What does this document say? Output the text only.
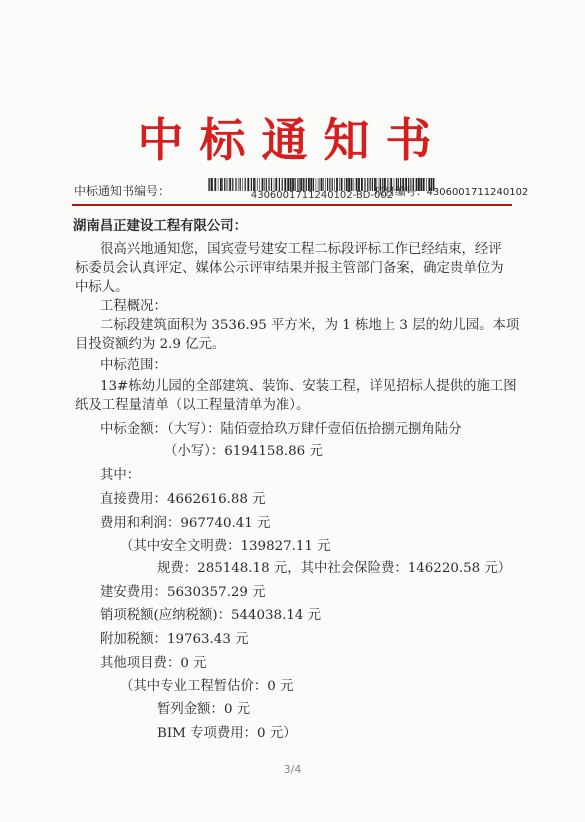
中标通知书
中标通知书编号：	4306001711240102-BD-002
项目编号：4306001711240102
湖南昌正建设工程有限公司：
很高兴地通知您，国宾壹号建安工程二标段评标工作已经结束，经评
标委员会认真评定、媒体公示评审结果并报主管部门备案，确定贵单位为
中标人。
工程概况：
二标段建筑面积为 3536.95 平方米，为 1 栋地上 3 层的幼儿园。本项
目投资额约为 2.9 亿元。
中标范围：
13#栋幼儿园的全部建筑、装饰、安装工程，详见招标人提供的施工图
纸及工程量清单（以工程量清单为准）。
中标金额：（大写）：陆佰壹拾玖万肆仟壹佰伍拾捌元捌角陆分
（小写）：6194158.86 元
其中：
直接费用：4662616.88 元
费用和利润：967740.41 元
（其中安全文明费：139827.11 元
规费：285148.18 元，其中社会保险费：146220.58 元）
建安费用：5630357.29 元
销项税额(应纳税额)：544038.14 元
附加税额：19763.43 元
其他项目费：0 元
（其中专业工程暂估价：0 元
暂列金额：0 元
BIM 专项费用：0 元）
3/4
